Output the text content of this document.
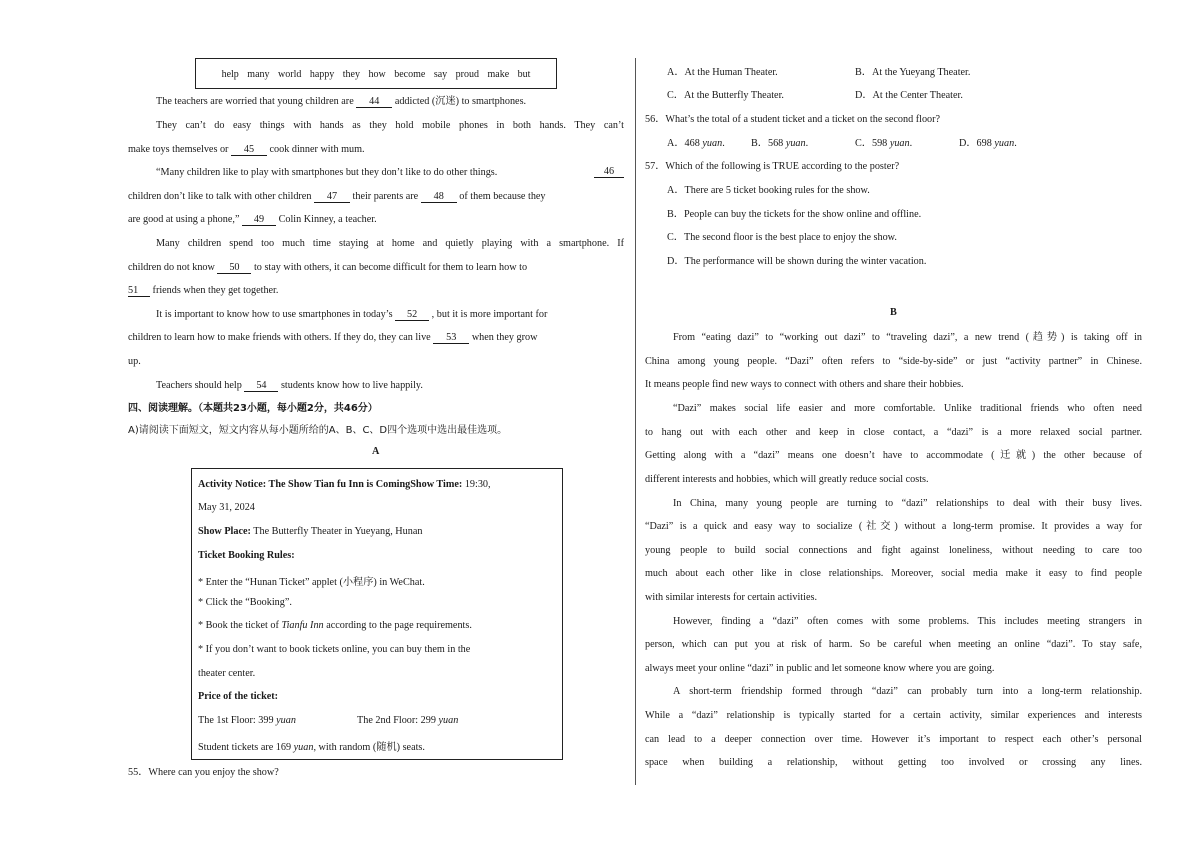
help many world happy they how become say proud make but
The teachers are worried that young children are 44 addicted (沉迷) to smartphones.
They can’t do easy things with hands as they hold mobile phones in both hands. They can’t
make toys themselves or 45 cook dinner with mum.
“Many children like to play with smartphones but they don’t like to do other things.	46
children don’t like to talk with other children 47 their parents are 48 of them because they
are good at using a phone,” 49 Colin Kinney, a teacher.
Many children spend too much time staying at home and quietly playing with a smartphone. If
children do not know 50 to stay with others, it can become difficult for them to learn how to
51 friends when they get together.
It is important to know how to use smartphones in today’s 52 , but it is more important for
children to learn how to make friends with others. If they do, they can live 53 when they grow
up.
Teachers should help 54 students know how to live happily.
四、阅读理解。（本题共23小题，每小题2分，共46分）
A)请阅读下面短文，短文内容从每小题所给的A、B、C、D四个选项中选出最佳选项。
A
Activity Notice: The Show Tian fu Inn is ComingShow Time: 19:30,
May 31, 2024
Show Place: The Butterfly Theater in Yueyang, Hunan
Ticket Booking Rules:
* Enter the “Hunan Ticket” applet (小程序) in WeChat.
* Click the “Booking”.
* Book the ticket of Tianfu Inn according to the page requirements.
* If you don’t want to book tickets online, you can buy them in the
theater center.
Price of the ticket:
The 1st Floor: 399 yuan	The 2nd Floor: 299 yuan
Student tickets are 169 yuan, with random (随机) seats.
55．Where can you enjoy the show?
A．At the Human Theater.	B．At the Yueyang Theater.
C．At the Butterfly Theater.	D．At the Center Theater.
56．What’s the total of a student ticket and a ticket on the second floor?
A．468 yuan.	B．568 yuan.	C．598 yuan.	D．698 yuan.
57．Which of the following is TRUE according to the poster?
A．There are 5 ticket booking rules for the show.
B．People can buy the tickets for the show online and offline.
C．The second floor is the best place to enjoy the show.
D．The performance will be shown during the winter vacation.
B
From “eating dazi” to “working out dazi” to “traveling dazi”, a new trend (趋势) is taking off in
China among young people. “Dazi” often refers to “side-by-side” or just “activity partner” in Chinese.
It means people find new ways to connect with others and share their hobbies.
“Dazi” makes social life easier and more comfortable. Unlike traditional friends who often need
to hang out with each other and keep in close contact, a “dazi” is a more relaxed social partner.
Getting along with a “dazi” means one doesn’t have to accommodate (迁就) the other because of
different interests and hobbies, which will greatly reduce social costs.
In China, many young people are turning to “dazi” relationships to deal with their busy lives.
“Dazi” is a quick and easy way to socialize (社交) without a long-term promise. It provides a way for
young people to build social connections and fight against loneliness, without needing to care too
much about each other like in close relationships. Moreover, social media make it easy to find people
with similar interests for certain activities.
However, finding a “dazi” often comes with some problems. This includes meeting strangers in
person, which can put you at risk of harm. So be careful when meeting an online “dazi”. To stay safe,
always meet your online “dazi” in public and let someone know where you are going.
A short-term friendship formed through “dazi” can probably turn into a long-term relationship.
While a “dazi” relationship is typically started for a certain activity, similar experiences and interests
can lead to a deeper connection over time. However it’s important to respect each other’s personal
space when building a relationship, without getting too involved or crossing any lines.
